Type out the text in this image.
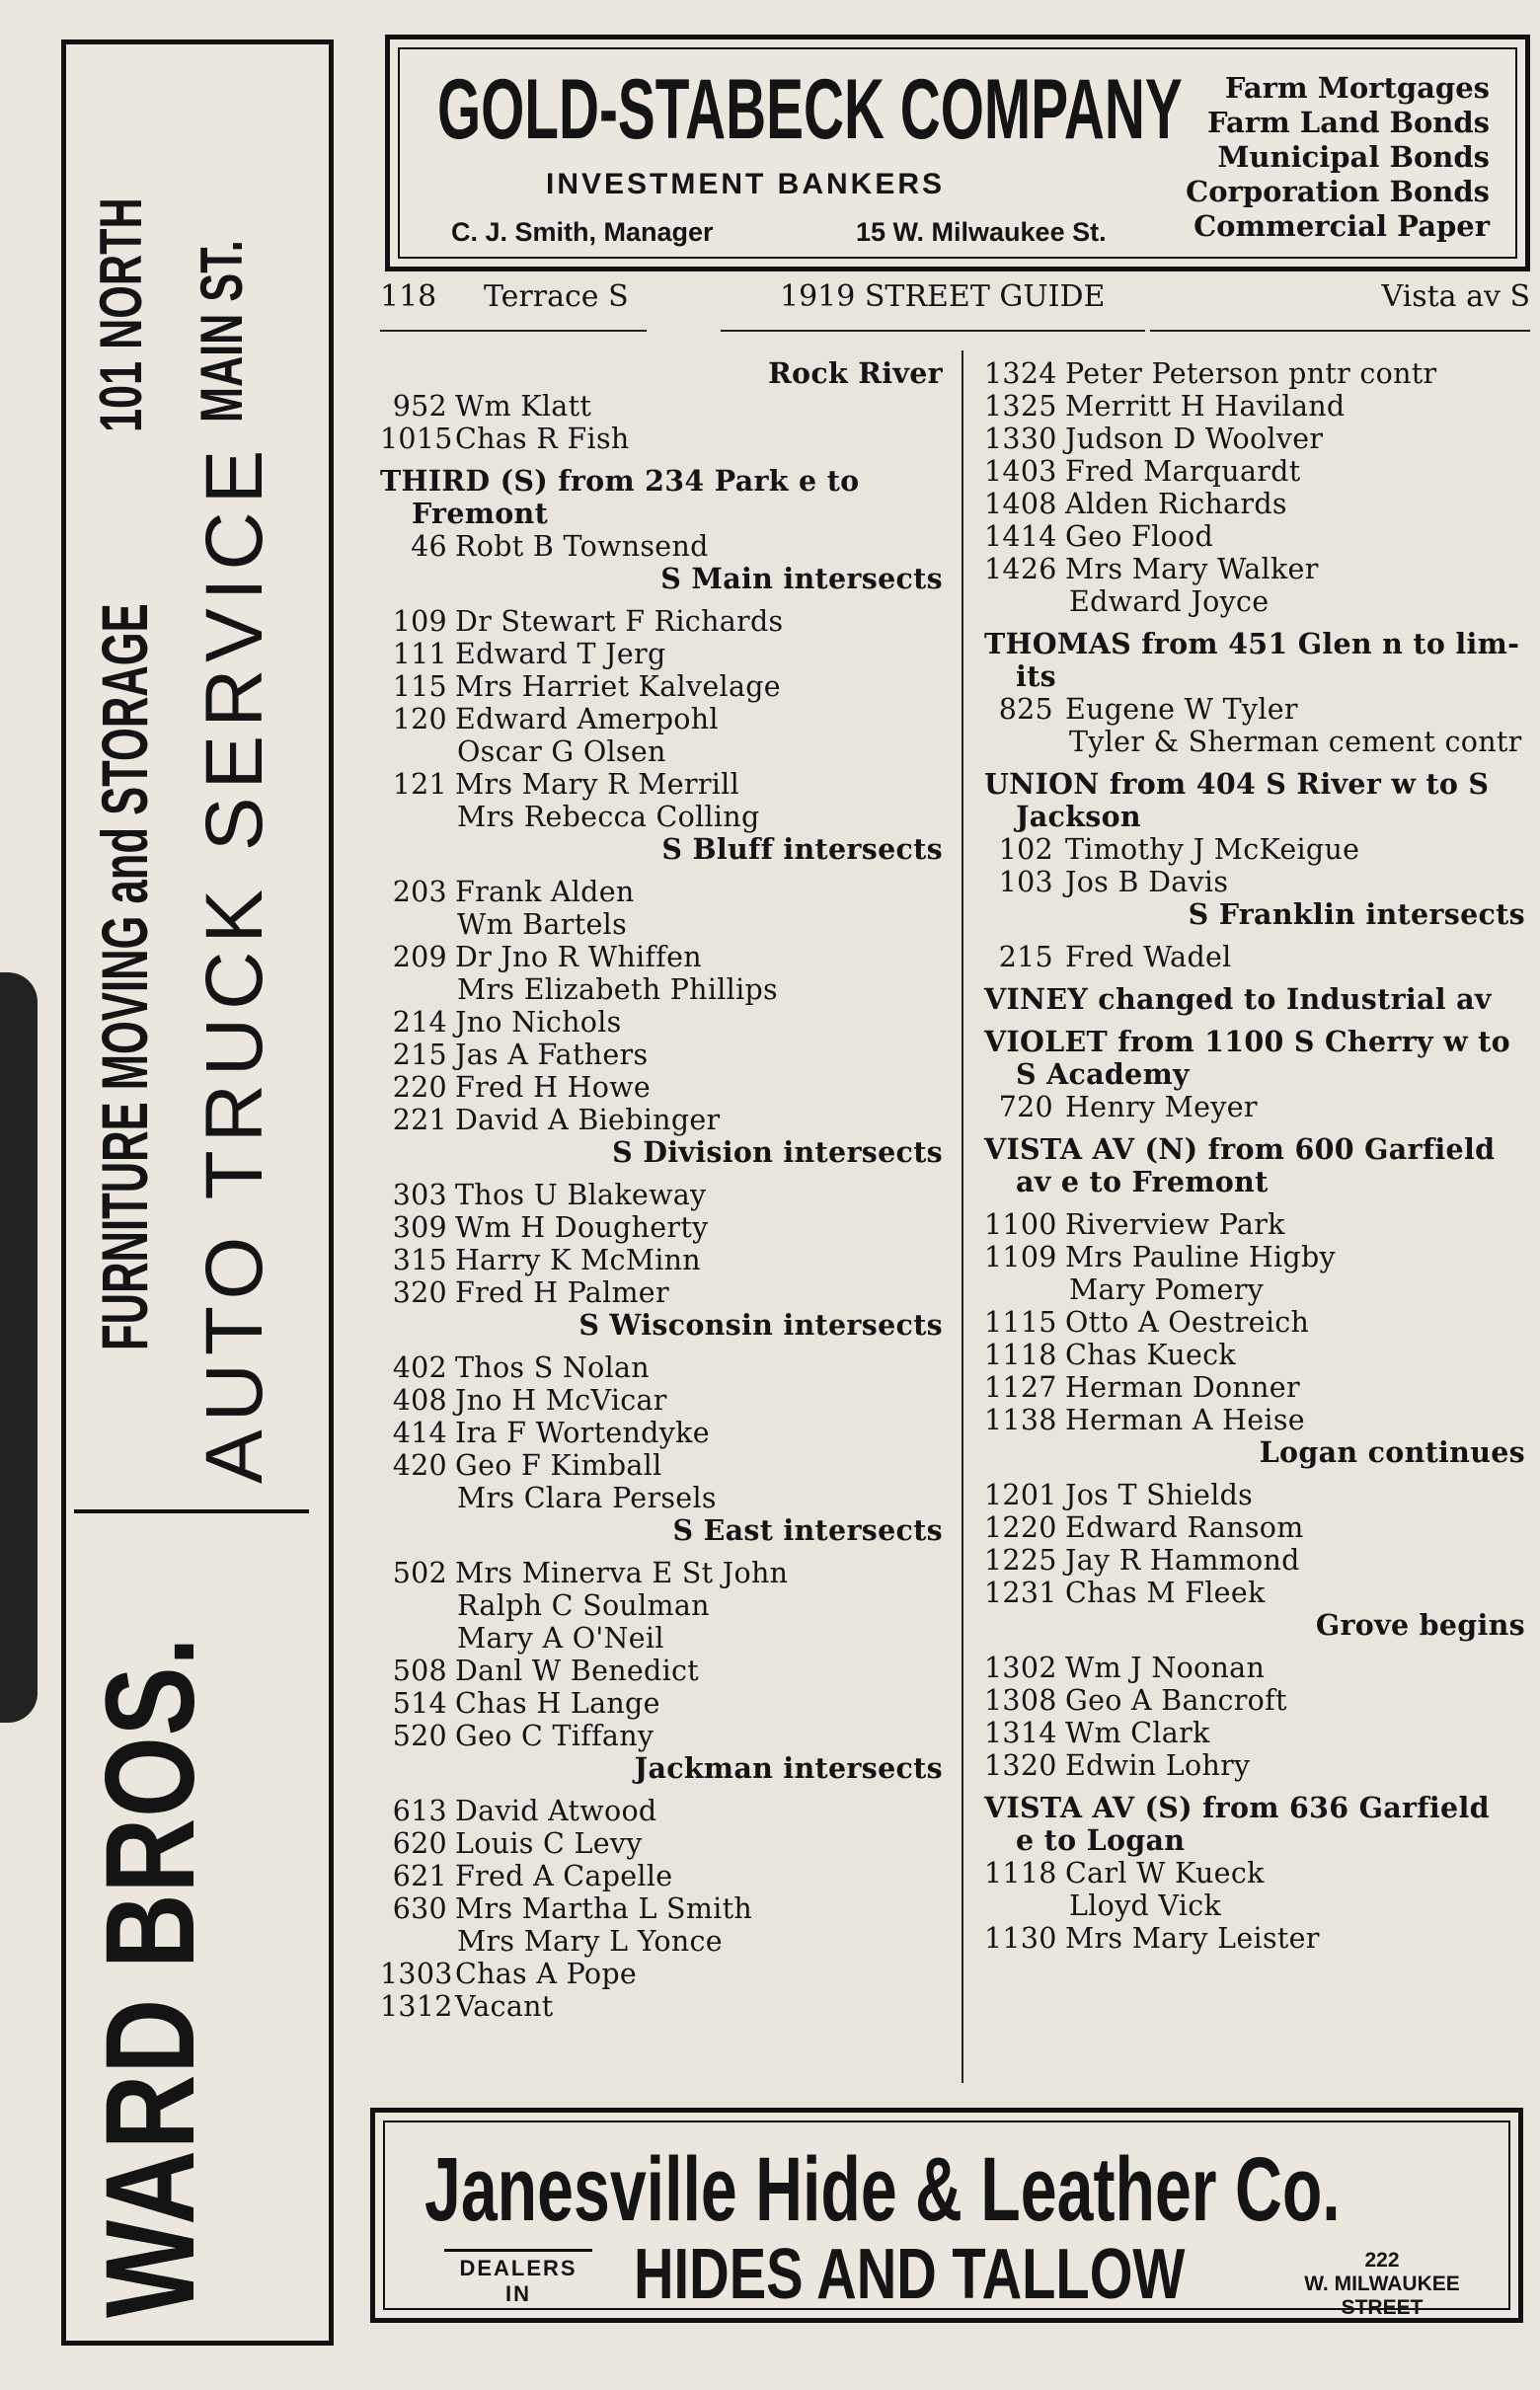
WARD BROS.
FURNITURE MOVING and STORAGE AUTO TRUCK SERVICE
101 NORTH MAIN ST.
GOLD-STABECK COMPANY
INVESTMENT BANKERS
C. J. Smith, Manager	15 W. Milwaukee St.
Farm Mortgages
Farm Land Bonds
Municipal Bonds
Corporation Bonds
Commercial Paper
118 Terrace S	1919 STREET GUIDE	Vista av S
Rock River
952 Wm Klatt
1015Chas R Fish
THIRD (S) from 234 Park e to
Fremont
46 Robt B Townsend
S Main intersects
109 Dr Stewart F Richards
111 Edward T Jerg
115 Mrs Harriet Kalvelage
120 Edward Amerpohl
Oscar G Olsen
121 Mrs Mary R Merrill
Mrs Rebecca Colling
S Bluff intersects
203 Frank Alden
Wm Bartels
209 Dr Jno R Whiffen
Mrs Elizabeth Phillips
214 Jno Nichols
215 Jas A Fathers
220 Fred H Howe
221 David A Biebinger
S Division intersects
303 Thos U Blakeway
309 Wm H Dougherty
315 Harry K McMinn
320 Fred H Palmer
S Wisconsin intersects
402 Thos S Nolan
408 Jno H McVicar
414 Ira F Wortendyke
420 Geo F Kimball
Mrs Clara Persels
S East intersects
502 Mrs Minerva E St John
Ralph C Soulman
Mary A O'Neil
508 Danl W Benedict
514 Chas H Lange
520 Geo C Tiffany
Jackman intersects
613 David Atwood
620 Louis C Levy
621 Fred A Capelle
630 Mrs Martha L Smith
Mrs Mary L Yonce
1303Chas A Pope
1312Vacant
1324 Peter Peterson pntr contr
1325 Merritt H Haviland
1330 Judson D Woolver
1403 Fred Marquardt
1408 Alden Richards
1414 Geo Flood
1426 Mrs Mary Walker
Edward Joyce
THOMAS from 451 Glen n to lim-
its
825 Eugene W Tyler
Tyler & Sherman cement contr
UNION from 404 S River w to S
Jackson
102 Timothy J McKeigue
103 Jos B Davis
S Franklin intersects
215 Fred Wadel
VINEY changed to Industrial av
VIOLET from 1100 S Cherry w to
S Academy
720 Henry Meyer
VISTA AV (N) from 600 Garfield
av e to Fremont
1100 Riverview Park
1109 Mrs Pauline Higby
Mary Pomery
1115 Otto A Oestreich
1118 Chas Kueck
1127 Herman Donner
1138 Herman A Heise
Logan continues
1201 Jos T Shields
1220 Edward Ransom
1225 Jay R Hammond
1231 Chas M Fleek
Grove begins
1302 Wm J Noonan
1308 Geo A Bancroft
1314 Wm Clark
1320 Edwin Lohry
VISTA AV (S) from 636 Garfield
e to Logan
1118 Carl W Kueck
Lloyd Vick
1130 Mrs Mary Leister
Janesville Hide & Leather Co.
DEALERS IN	HIDES AND TALLOW	222
W. MILWAUKEE
STREET
